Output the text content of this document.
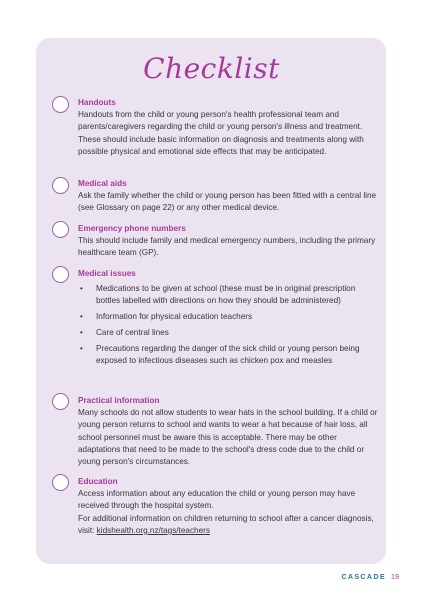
Checklist
Handouts
Handouts from the child or young person's health professional team and parents/caregivers regarding the child or young person's illness and treatment. These should include basic information on diagnosis and treatments along with possible physical and emotional side effects that may be anticipated.
Medical aids
Ask the family whether the child or young person has been fitted with a central line (see Glossary on page 22) or any other medical device.
Emergency phone numbers
This should include family and medical emergency numbers, including the primary healthcare team (GP).
Medical issues
• Medications to be given at school (these must be in original prescription bottles labelled with directions on how they should be administered)
• Information for physical education teachers
• Care of central lines
• Precautions regarding the danger of the sick child or young person being exposed to infectious diseases such as chicken pox and measles
Practical information
Many schools do not allow students to wear hats in the school building. If a child or young person returns to school and wants to wear a hat because of hair loss, all school personnel must be aware this is acceptable. There may be other adaptations that need to be made to the school's dress code due to the child or young person's circumstances.
Education
Access information about any education the child or young person may have received through the hospital system.
For additional information on children returning to school after a cancer diagnosis, visit: kidshealth.org.nz/tags/teachers
CASCADE 19
